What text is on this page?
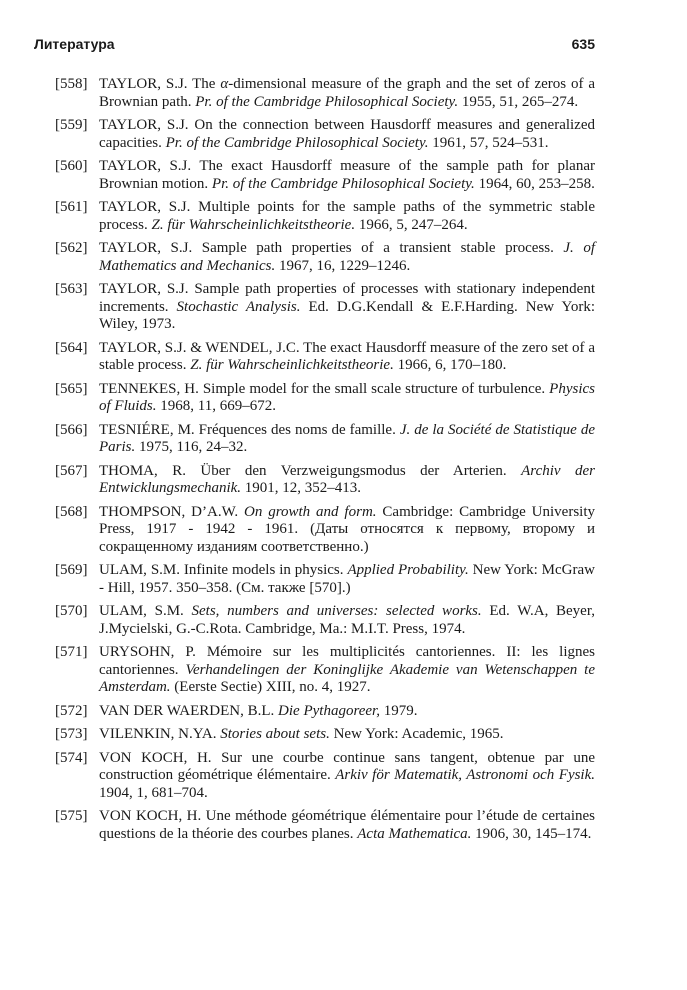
Литература	635
[558] TAYLOR, S.J. The α-dimensional measure of the graph and the set of zeros of a Brownian path. Pr. of the Cambridge Philosophical Society. 1955, 51, 265–274.
[559] TAYLOR, S.J. On the connection between Hausdorff measures and generalized capacities. Pr. of the Cambridge Philosophical Society. 1961, 57, 524–531.
[560] TAYLOR, S.J. The exact Hausdorff measure of the sample path for planar Brownian motion. Pr. of the Cambridge Philosophical Society. 1964, 60, 253–258.
[561] TAYLOR, S.J. Multiple points for the sample paths of the symmetric stable process. Z. für Wahrscheinlichkeitstheorie. 1966, 5, 247–264.
[562] TAYLOR, S.J. Sample path properties of a transient stable process. J. of Mathematics and Mechanics. 1967, 16, 1229–1246.
[563] TAYLOR, S.J. Sample path properties of processes with stationary independent increments. Stochastic Analysis. Ed. D.G.Kendall & E.F.Harding. New York: Wiley, 1973.
[564] TAYLOR, S.J. & WENDEL, J.C. The exact Hausdorff measure of the zero set of a stable process. Z. für Wahrscheinlichkeitstheorie. 1966, 6, 170–180.
[565] TENNEKES, H. Simple model for the small scale structure of turbulence. Physics of Fluids. 1968, 11, 669–672.
[566] TESNIÉRE, M. Fréquences des noms de famille. J. de la Société de Statistique de Paris. 1975, 116, 24–32.
[567] THOMA, R. Über den Verzweigungsmodus der Arterien. Archiv der Entwicklungsmechanik. 1901, 12, 352–413.
[568] THOMPSON, D’A.W. On growth and form. Cambridge: Cambridge University Press, 1917 - 1942 - 1961. (Даты относятся к первому, второму и сокращенному изданиям соответственно.)
[569] ULAM, S.M. Infinite models in physics. Applied Probability. New York: McGraw - Hill, 1957. 350–358. (См. также [570].)
[570] ULAM, S.M. Sets, numbers and universes: selected works. Ed. W.A, Beyer, J.Mycielski, G.-C.Rota. Cambridge, Ma.: M.I.T. Press, 1974.
[571] URYSOHN, P. Mémoire sur les multiplicités cantoriennes. II: les lignes cantoriennes. Verhandelingen der Koninglijke Akademie van Wetenschappen te Amsterdam. (Eerste Sectie) XIII, no. 4, 1927.
[572] VAN DER WAERDEN, B.L. Die Pythagoreer, 1979.
[573] VILENKIN, N.YA. Stories about sets. New York: Academic, 1965.
[574] VON KOCH, H. Sur une courbe continue sans tangent, obtenue par une construction géométrique élémentaire. Arkiv för Matematik, Astronomi och Fysik. 1904, 1, 681–704.
[575] VON KOCH, H. Une méthode géométrique élémentaire pour l’étude de certaines questions de la théorie des courbes planes. Acta Mathematica. 1906, 30, 145–174.
